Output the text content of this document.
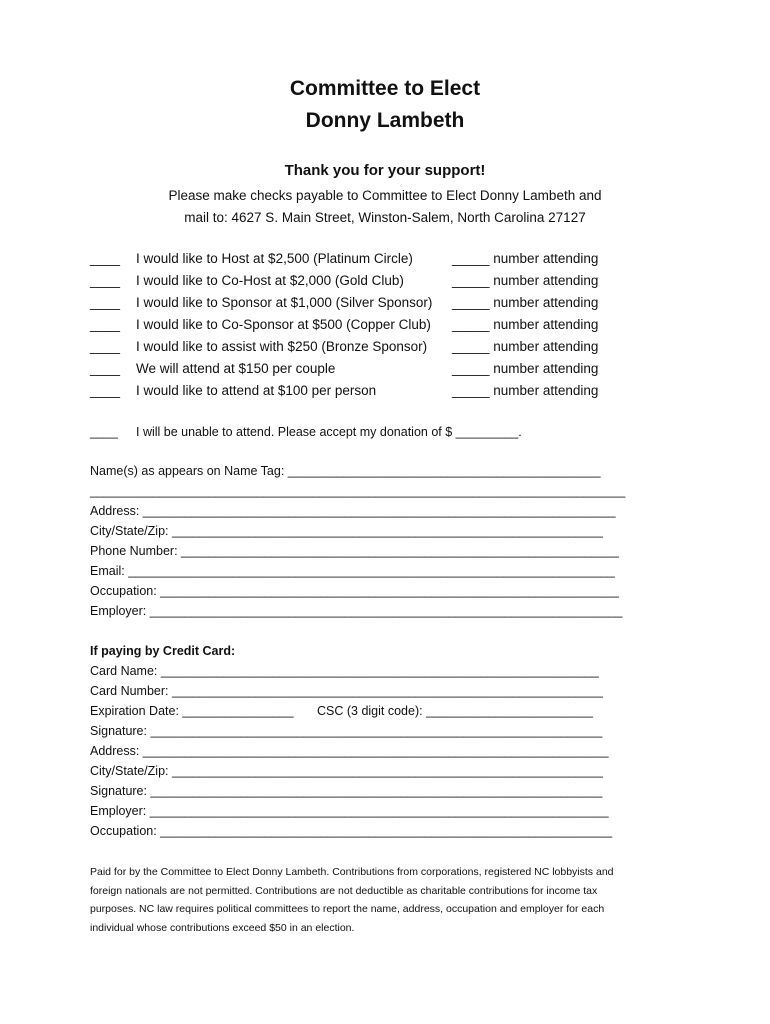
Committee to Elect
Donny Lambeth
Thank you for your support!
Please make checks payable to Committee to Elect Donny Lambeth and
mail to: 4627 S. Main Street, Winston-Salem, North Carolina 27127
____ I would like to Host at $2,500 (Platinum Circle)	_____ number attending
____ I would like to Co-Host at $2,000 (Gold Club)	_____ number attending
____ I would like to Sponsor at $1,000 (Silver Sponsor) _____ number attending
____ I would like to Co-Sponsor at $500 (Copper Club) _____ number attending
____ I would like to assist with $250 (Bronze Sponsor) _____ number attending
____ We will attend at $150 per couple	_____ number attending
____ I would like to attend at $100 per person	_____ number attending
____ I will be unable to attend. Please accept my donation of $ _________.
Name(s) as appears on Name Tag: _____________________________________________
_____________________________________________________________________________
Address: ____________________________________________________________________
City/State/Zip: ______________________________________________________________
Phone Number: _______________________________________________________________
Email: ______________________________________________________________________
Occupation: __________________________________________________________________
Employer: ____________________________________________________________________
If paying by Credit Card:
Card Name: _______________________________________________________________
Card Number: ______________________________________________________________
Expiration Date: ________________ CSC (3 digit code): ________________________
Signature: _________________________________________________________________
Address: ___________________________________________________________________
City/State/Zip: ______________________________________________________________
Signature: _________________________________________________________________
Employer: __________________________________________________________________
Occupation: _________________________________________________________________

Paid for by the Committee to Elect Donny Lambeth. Contributions from corporations, registered NC lobbyists and

foreign nationals are not permitted. Contributions are not deductible as charitable contributions for income tax

purposes. NC law requires political committees to report the name, address, occupation and employer for each

individual whose contributions exceed $50 in an election.
